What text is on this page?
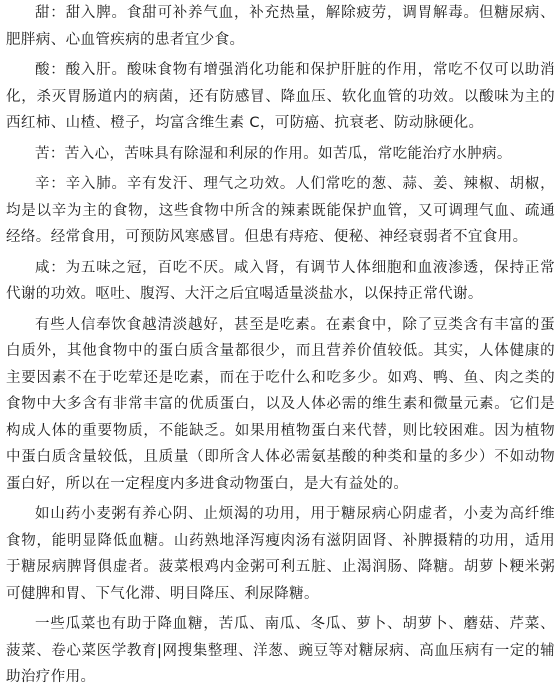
甜：甜入脾。食甜可补养气血，补充热量，解除疲劳，调胃解毒。但糖尿病、肥胖病、心血管疾病的患者宜少食。

酸：酸入肝。酸味食物有增强消化功能和保护肝脏的作用，常吃不仅可以助消化，杀灭胃肠道内的病菌，还有防感冒、降血压、软化血管的功效。以酸味为主的西红柿、山楂、橙子，均富含维生素 C，可防癌、抗衰老、防动脉硬化。

苦：苦入心，苦味具有除湿和利尿的作用。如苦瓜，常吃能治疗水肿病。

辛：辛入肺。辛有发汗、理气之功效。人们常吃的葱、蒜、姜、辣椒、胡椒，均是以辛为主的食物，这些食物中所含的辣素既能保护血管，又可调理气血、疏通经络。经常食用，可预防风寒感冒。但患有痔疮、便秘、神经衰弱者不宜食用。

咸：为五味之冠，百吃不厌。咸入肾，有调节人体细胞和血液渗透，保持正常代谢的功效。呕吐、腹泻、大汗之后宜喝适量淡盐水，以保持正常代谢。

有些人信奉饮食越清淡越好，甚至是吃素。在素食中，除了豆类含有丰富的蛋白质外，其他食物中的蛋白质含量都很少，而且营养价值较低。其实，人体健康的主要因素不在于吃荤还是吃素，而在于吃什么和吃多少。如鸡、鸭、鱼、肉之类的食物中大多含有非常丰富的优质蛋白，以及人体必需的维生素和微量元素。它们是构成人体的重要物质，不能缺乏。如果用植物蛋白来代替，则比较困难。因为植物中蛋白质含量较低，且质量（即所含人体必需氨基酸的种类和量的多少）不如动物蛋白好，所以在一定程度内多进食动物蛋白，是大有益处的。

如山药小麦粥有养心阴、止烦渴的功用，用于糖尿病心阴虚者，小麦为高纤维食物，能明显降低血糖。山药熟地泽泻瘦肉汤有滋阴固肾、补脾摄精的功用，适用于糖尿病脾肾俱虚者。菠菜根鸡内金粥可利五脏、止渴润肠、降糖。胡萝卜粳米粥可健脾和胃、下气化滞、明目降压、利尿降糖。

一些瓜菜也有助于降血糖，苦瓜、南瓜、冬瓜、萝卜、胡萝卜、蘑菇、芹菜、菠菜、卷心菜医学教育|网搜集整理、洋葱、豌豆等对糖尿病、高血压病有一定的辅助治疗作用。
